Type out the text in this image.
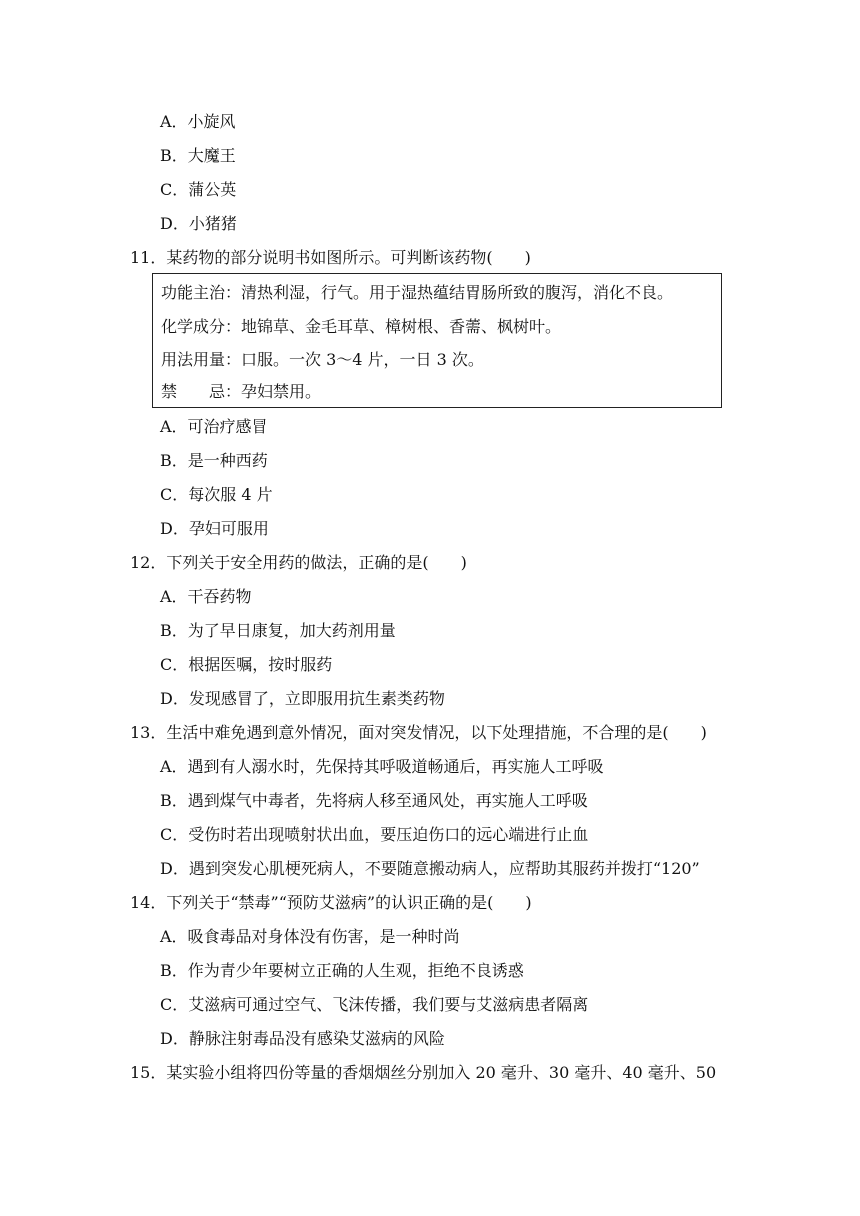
A．小旋风
B．大魔王
C．蒲公英
D．小猪猪
11．某药物的部分说明书如图所示。可判断该药物(　　)
功能主治：清热利湿，行气。用于湿热蕴结胃肠所致的腹泻，消化不良。
化学成分：地锦草、金毛耳草、樟树根、香薷、枫树叶。
用法用量：口服。一次 3～4 片，一日 3 次。
禁　　忌：孕妇禁用。
A．可治疗感冒
B．是一种西药
C．每次服 4 片
D．孕妇可服用
12．下列关于安全用药的做法，正确的是(　　)
A．干吞药物
B．为了早日康复，加大药剂用量
C．根据医嘱，按时服药
D．发现感冒了，立即服用抗生素类药物
13．生活中难免遇到意外情况，面对突发情况，以下处理措施，不合理的是(　　)
A．遇到有人溺水时，先保持其呼吸道畅通后，再实施人工呼吸
B．遇到煤气中毒者，先将病人移至通风处，再实施人工呼吸
C．受伤时若出现喷射状出血，要压迫伤口的远心端进行止血
D．遇到突发心肌梗死病人，不要随意搬动病人，应帮助其服药并拨打“120”
14．下列关于“禁毒”“预防艾滋病”的认识正确的是(　　)
A．吸食毒品对身体没有伤害，是一种时尚
B．作为青少年要树立正确的人生观，拒绝不良诱惑
C．艾滋病可通过空气、飞沫传播，我们要与艾滋病患者隔离
D．静脉注射毒品没有感染艾滋病的风险
15．某实验小组将四份等量的香烟烟丝分别加入 20 毫升、30 毫升、40 毫升、50
